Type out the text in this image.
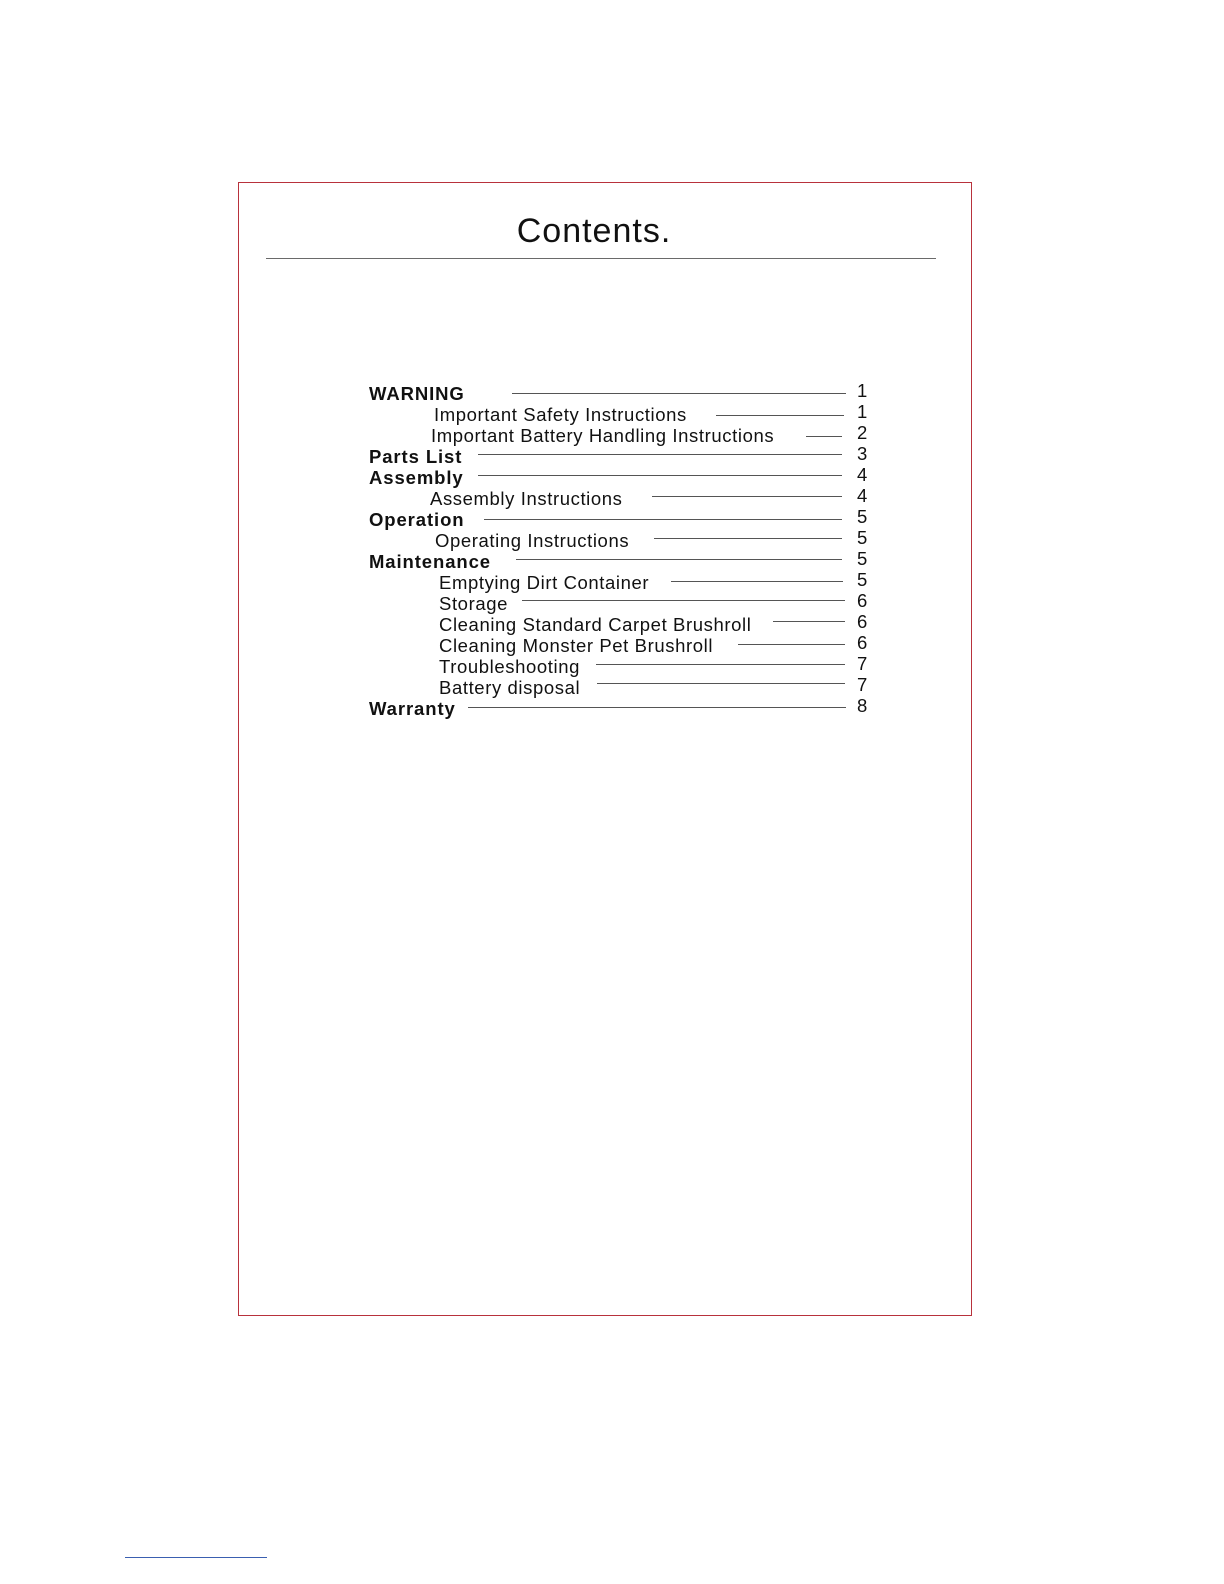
Contents.
WARNING	1
Important Safety Instructions	1
Important Battery Handling Instructions	2
Parts List	3
Assembly	4
Assembly Instructions	4
Operation	5
Operating Instructions	5
Maintenance	5
Emptying Dirt Container	5
Storage	6
Cleaning Standard Carpet Brushroll	6
Cleaning Monster Pet Brushroll	6
Troubleshooting	7
Battery disposal	7
Warranty	8
